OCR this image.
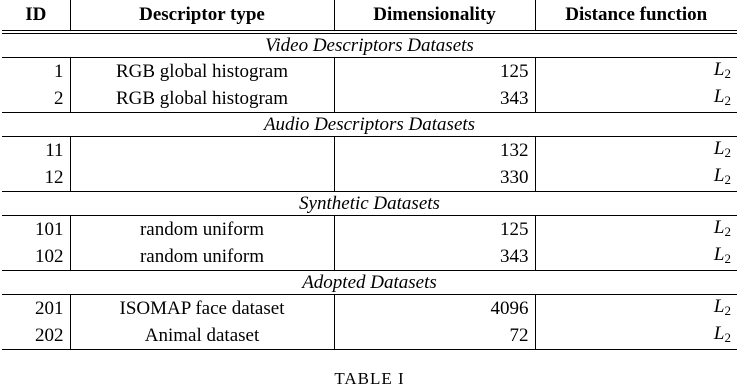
ID	Descriptor type	Dimensionality	Distance function
Video Descriptors Datasets			
1	RGB global histogram	125	$L_2$
2	RGB global histogram	343	$L_2$
Audio Descriptors Datasets			
11		132	$L_2$
12		330	$L_2$
Synthetic Datasets			
101	random uniform	125	$L_2$
102	random uniform	343	$L_2$
Adopted Datasets			
201	ISOMAP face dataset	4096	$L_2$
202	Animal dataset	72	$L_2$
TABLE I
